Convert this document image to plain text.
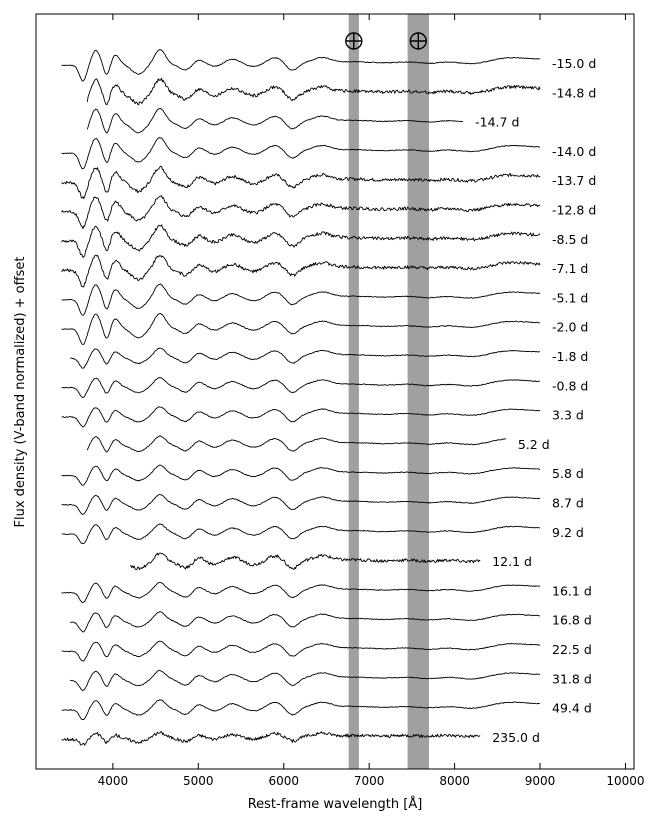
4000	5000	6000	7000	8000	9000	10000
-15.0 d
-14.8 d
-14.7 d
-14.0 d
-13.7 d
-12.8 d
-8.5 d
-7.1 d
-5.1 d
-2.0 d
-1.8 d
-0.8 d
3.3 d
5.2 d
5.8 d
8.7 d
9.2 d
12.1 d
16.1 d
16.8 d
22.5 d
31.8 d
49.4 d
235.0 d
Rest-frame wavelength [Å]
Flux density (V-band normalized) + offset
